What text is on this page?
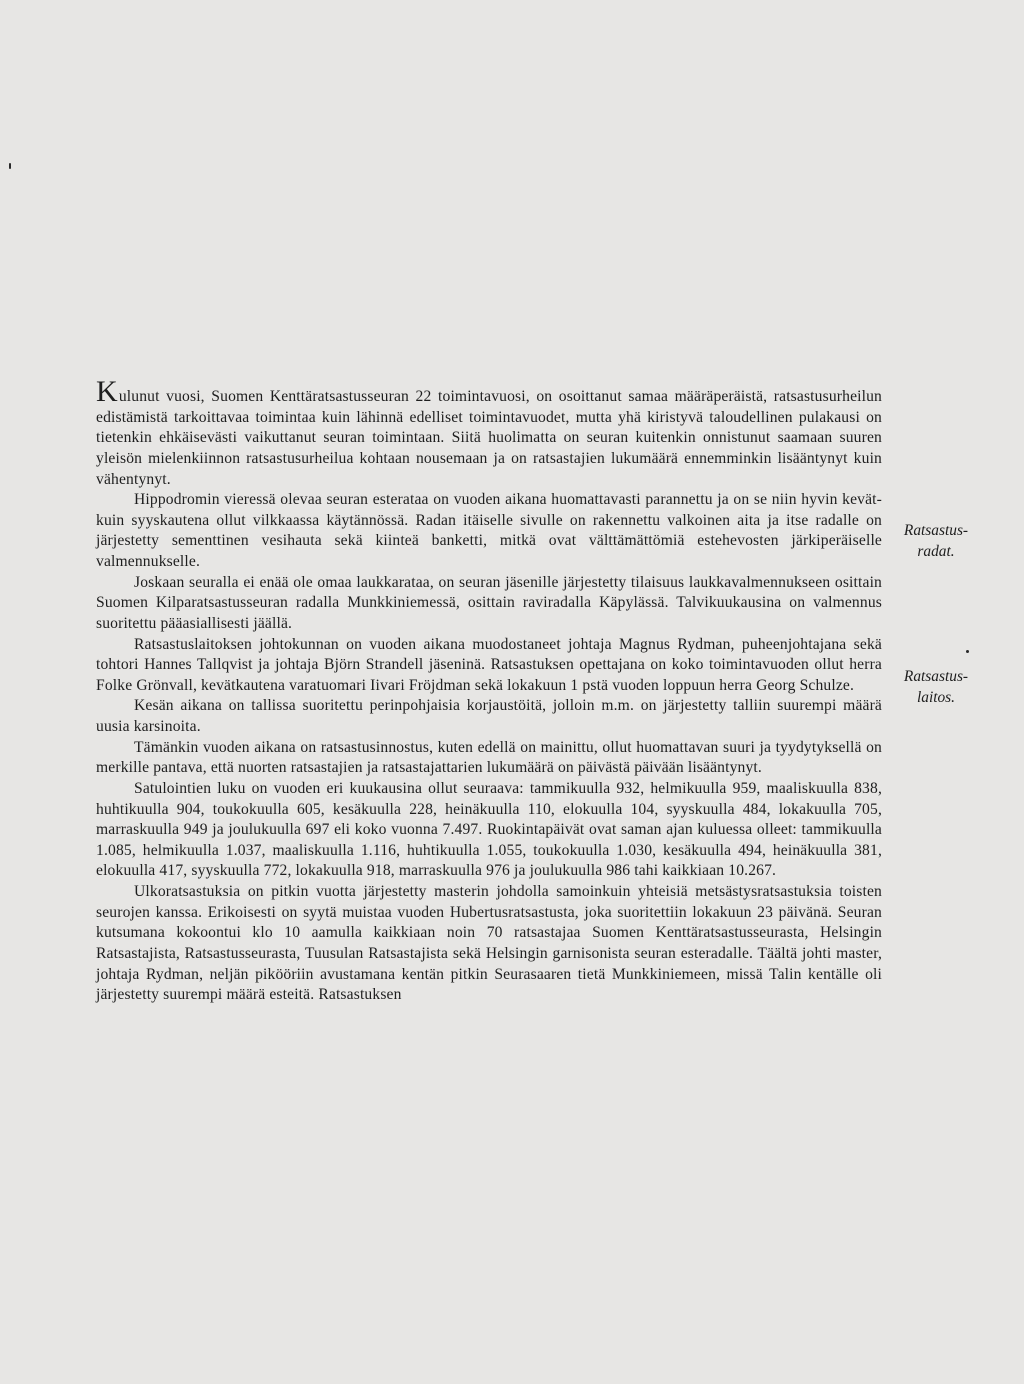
Kulunut vuosi, Suomen Kenttäratsastusseuran 22 toimintavuosi, on osoittanut samaa määräperäistä, ratsastusurheilun edistämistä tarkoittavaa toimintaa kuin lähinnä edelliset toimintavuodet, mutta yhä kiristyvä taloudellinen pulakausi on tietenkin ehkäisevästi vaikuttanut seuran toimintaan. Siitä huolimatta on seuran kuitenkin onnistunut saamaan suuren yleisön mielenkiinnon ratsastusurheilua kohtaan nousemaan ja on ratsastajien lukumäärä ennemminkin lisääntynyt kuin vähentynyt.

Hippodromin vieressä olevaa seuran esterataa on vuoden aikana huomattavasti parannettu ja on se niin hyvin kevät- kuin syyskautena ollut vilkkaassa käytännössä. Radan itäiselle sivulle on rakennettu valkoinen aita ja itse radalle on järjestetty sementtinen vesihauta sekä kiinteä banketti, mitkä ovat välttämättömiä estehevosten järkiperäiselle valmennukselle.

Joskaan seuralla ei enää ole omaa laukkarataa, on seuran jäsenille järjestetty tilaisuus laukkavalmennukseen osittain Suomen Kilparatsastusseuran radalla Munkkiniemessä, osittain raviradalla Käpylässä. Talvikuukausina on valmennus suoritettu pääasiallisesti jäällä.

Ratsastuslaitoksen johtokunnan on vuoden aikana muodostaneet johtaja Magnus Rydman, puheenjohtajana sekä tohtori Hannes Tallqvist ja johtaja Björn Strandell jäseninä. Ratsastuksen opettajana on koko toimintavuoden ollut herra Folke Grönvall, kevätkautena varatuomari Iivari Fröjdman sekä lokakuun 1 pstä vuoden loppuun herra Georg Schulze.

Kesän aikana on tallissa suoritettu perinpohjaisia korjaustöitä, jolloin m.m. on järjestetty talliin suurempi määrä uusia karsinoita.

Tämänkin vuoden aikana on ratsastusinnostus, kuten edellä on mainittu, ollut huomattavan suuri ja tyydytyksellä on merkille pantava, että nuorten ratsastajien ja ratsastajattarien lukumäärä on päivästä päivään lisääntynyt.

Satulointien luku on vuoden eri kuukausina ollut seuraava: tammikuulla 932, helmikuulla 959, maaliskuulla 838, huhtikuulla 904, toukokuulla 605, kesäkuulla 228, heinäkuulla 110, elokuulla 104, syyskuulla 484, lokakuulla 705, marraskuulla 949 ja joulukuulla 697 eli koko vuonna 7.497. Ruokintapäivät ovat saman ajan kuluessa olleet: tammikuulla 1.085, helmikuulla 1.037, maaliskuulla 1.116, huhtikuulla 1.055, toukokuulla 1.030, kesäkuulla 494, heinäkuulla 381, elokuulla 417, syyskuulla 772, lokakuulla 918, marraskuulla 976 ja joulukuulla 986 tahi kaikkiaan 10.267.

Ulkoratsastuksia on pitkin vuotta järjestetty masterin johdolla samoinkuin yhteisiä metsästysratsastuksia toisten seurojen kanssa. Erikoisesti on syytä muistaa vuoden Hubertusratsastusta, joka suoritettiin lokakuun 23 päivänä. Seuran kutsumana kokoontui klo 10 aamulla kaikkiaan noin 70 ratsastajaa Suomen Kenttäratsastusseurasta, Helsingin Ratsastajista, Ratsastusseurasta, Tuusulan Ratsastajista sekä Helsingin garnisonista seuran esteradalle. Täältä johti master, johtaja Rydman, neljän pikööriin avustamana kentän pitkin Seurasaaren tietä Munkkiniemeen, missä Talin kentälle oli järjestetty suurempi määrä esteitä. Ratsastuksen

Ratsastus-
radat.
Ratsastus-
laitos.
